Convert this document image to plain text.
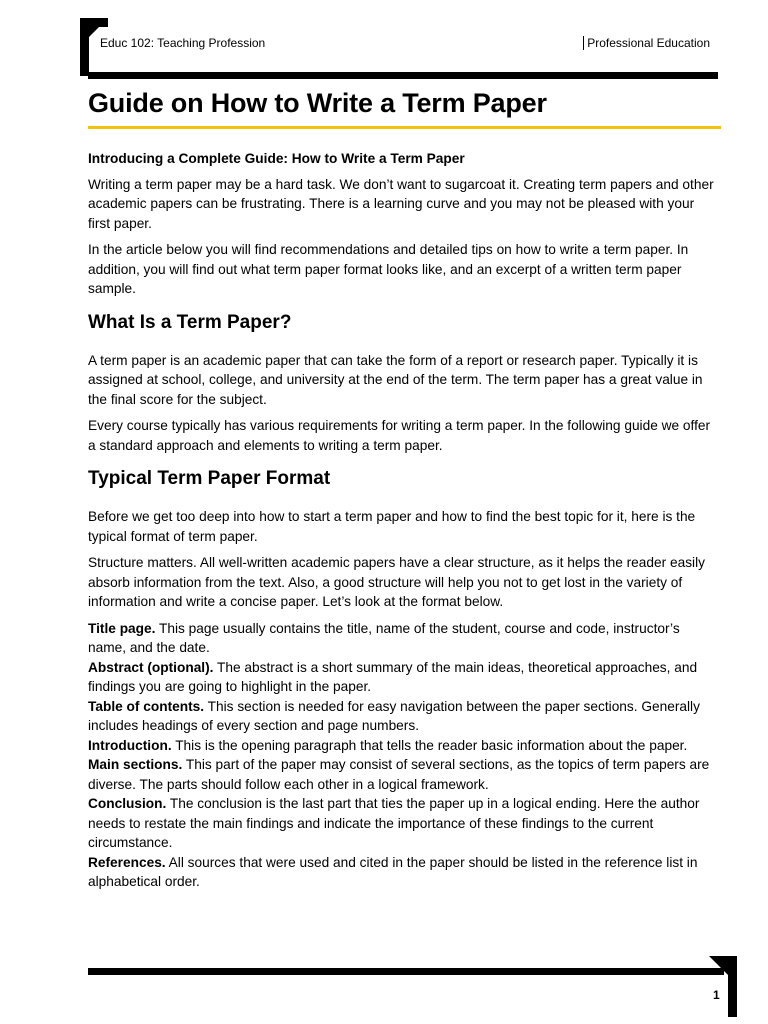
Educ 102: Teaching Profession	Professional Education
Guide on How to Write a Term Paper
Introducing a Complete Guide: How to Write a Term Paper

Writing a term paper may be a hard task. We don’t want to sugarcoat it. Creating term papers and other academic papers can be frustrating. There is a learning curve and you may not be pleased with your first paper.

In the article below you will find recommendations and detailed tips on how to write a term paper. In addition, you will find out what term paper format looks like, and an excerpt of a written term paper sample.

What Is a Term Paper?

A term paper is an academic paper that can take the form of a report or research paper. Typically it is assigned at school, college, and university at the end of the term. The term paper has a great value in the final score for the subject.

Every course typically has various requirements for writing a term paper. In the following guide we offer a standard approach and elements to writing a term paper.

Typical Term Paper Format

Before we get too deep into how to start a term paper and how to find the best topic for it, here is the typical format of term paper.

Structure matters. All well-written academic papers have a clear structure, as it helps the reader easily absorb information from the text. Also, a good structure will help you not to get lost in the variety of information and write a concise paper. Let’s look at the format below.

Title page. This page usually contains the title, name of the student, course and code, instructor’s name, and the date.

Abstract (optional). The abstract is a short summary of the main ideas, theoretical approaches, and findings you are going to highlight in the paper.

Table of contents. This section is needed for easy navigation between the paper sections. Generally includes headings of every section and page numbers.

Introduction. This is the opening paragraph that tells the reader basic information about the paper.

Main sections. This part of the paper may consist of several sections, as the topics of term papers are diverse. The parts should follow each other in a logical framework.

Conclusion. The conclusion is the last part that ties the paper up in a logical ending. Here the author needs to restate the main findings and indicate the importance of these findings to the current circumstance.

References. All sources that were used and cited in the paper should be listed in the reference list in alphabetical order.

1
